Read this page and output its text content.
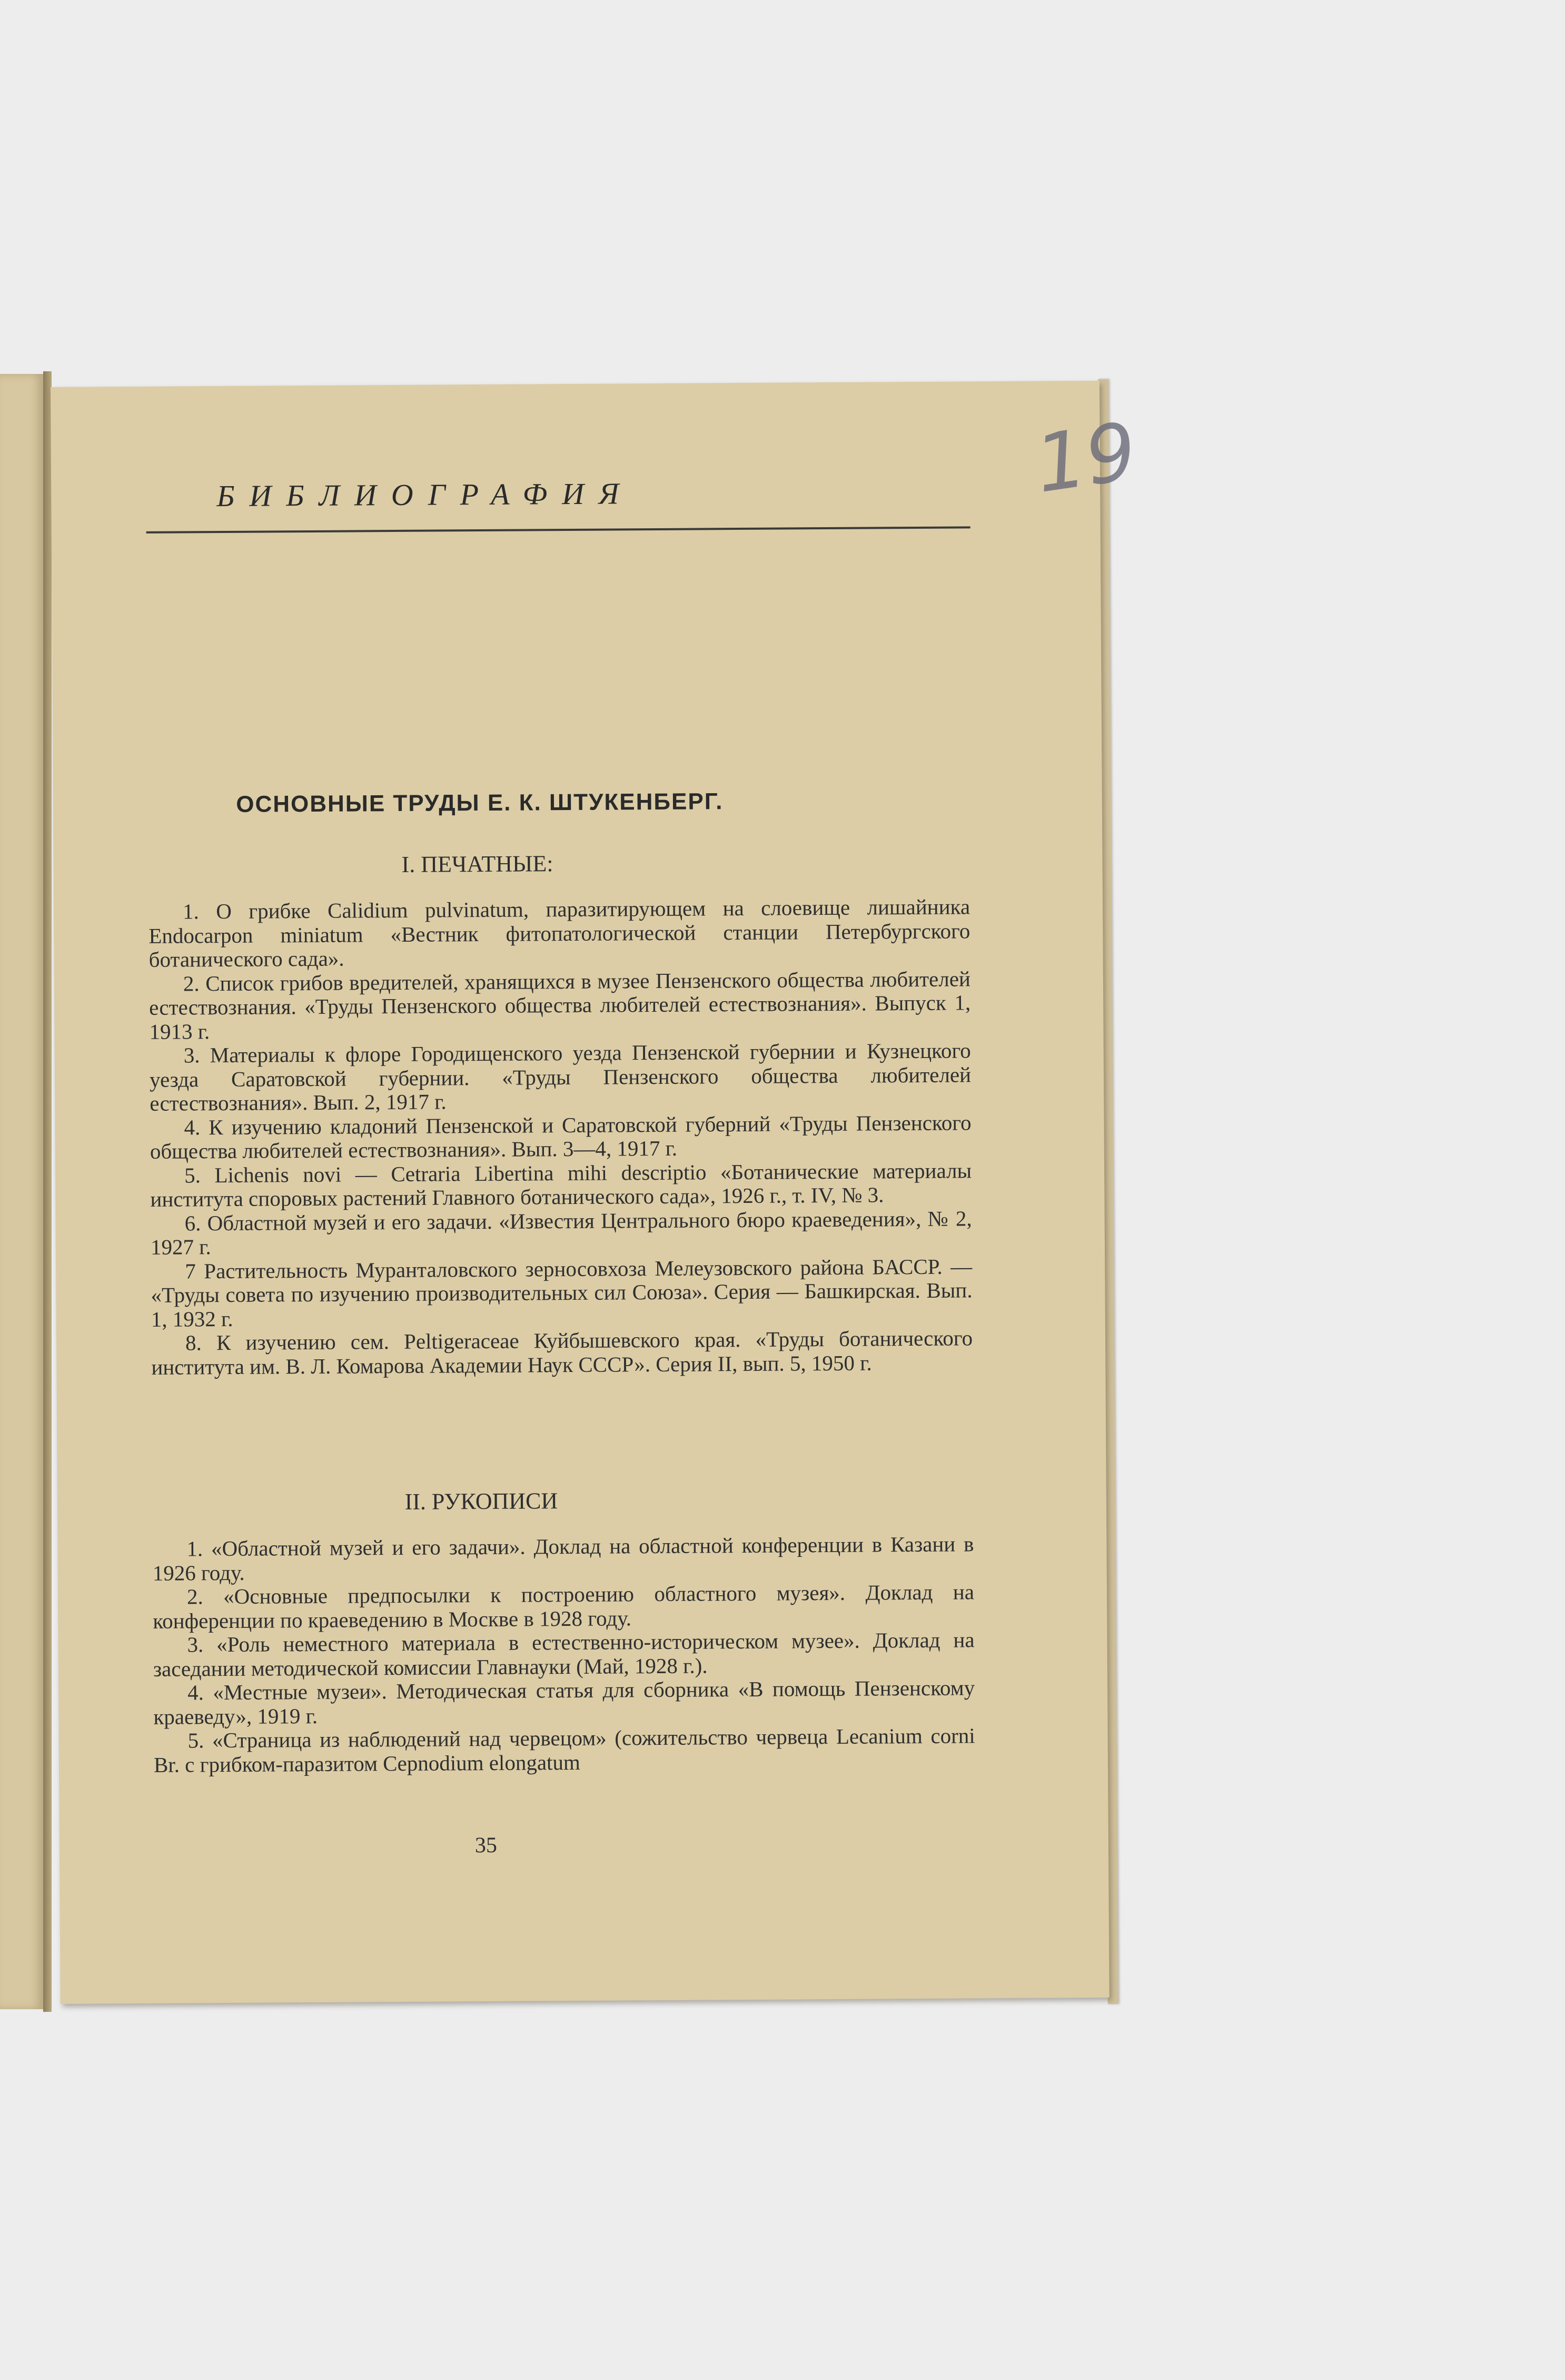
19
БИБЛИОГРАФИЯ
ОСНОВНЫЕ ТРУДЫ Е. К. ШТУКЕНБЕРГ.
I. ПЕЧАТНЫЕ:
1. О грибке Calidium pulvinatum, паразитирующем на слоевище лишайника Endocarpon miniatum «Вестник фитопатологической станции Петербургского ботанического сада».
2. Список грибов вредителей, хранящихся в музее Пензенского общества любителей естествознания. «Труды Пензенского общества любителей естествознания». Выпуск 1, 1913 г.
3. Материалы к флоре Городищенского уезда Пензенской губернии и Кузнецкого уезда Саратовской губернии. «Труды Пензенского общества любителей естествознания». Вып. 2, 1917 г.
4. К изучению кладоний Пензенской и Саратовской губерний «Труды Пензенского общества любителей естествознания». Вып. 3—4, 1917 г.
5. Lichenis novi — Cetraria Libertina mihi descriptio «Ботанические материалы института споровых растений Главного ботанического сада», 1926 г., т. IV, № 3.
6. Областной музей и его задачи. «Известия Центрального бюро краеведения», № 2, 1927 г.
7 Растительность Муранталовского зерносовхоза Мелеузовского района БАССР. — «Труды совета по изучению производительных сил Союза». Серия — Башкирская. Вып. 1, 1932 г.
8. К изучению сем. Peltigeraceae Куйбышевского края. «Труды ботанического института им. В. Л. Комарова Академии Наук СССР». Серия II, вып. 5, 1950 г.
II. РУКОПИСИ
1. «Областной музей и его задачи». Доклад на областной конференции в Казани в 1926 году.
2. «Основные предпосылки к построению областного музея». Доклад на конференции по краеведению в Москве в 1928 году.
3. «Роль неместного материала в естественно-историческом музее». Доклад на заседании методической комиссии Главнауки (Май, 1928 г.).
4. «Местные музеи». Методическая статья для сборника «В помощь Пензенскому краеведу», 1919 г.
5. «Страница из наблюдений над червецом» (сожительство червеца Lecanium corni Br. с грибком-паразитом Cepnodium elongatum
35
